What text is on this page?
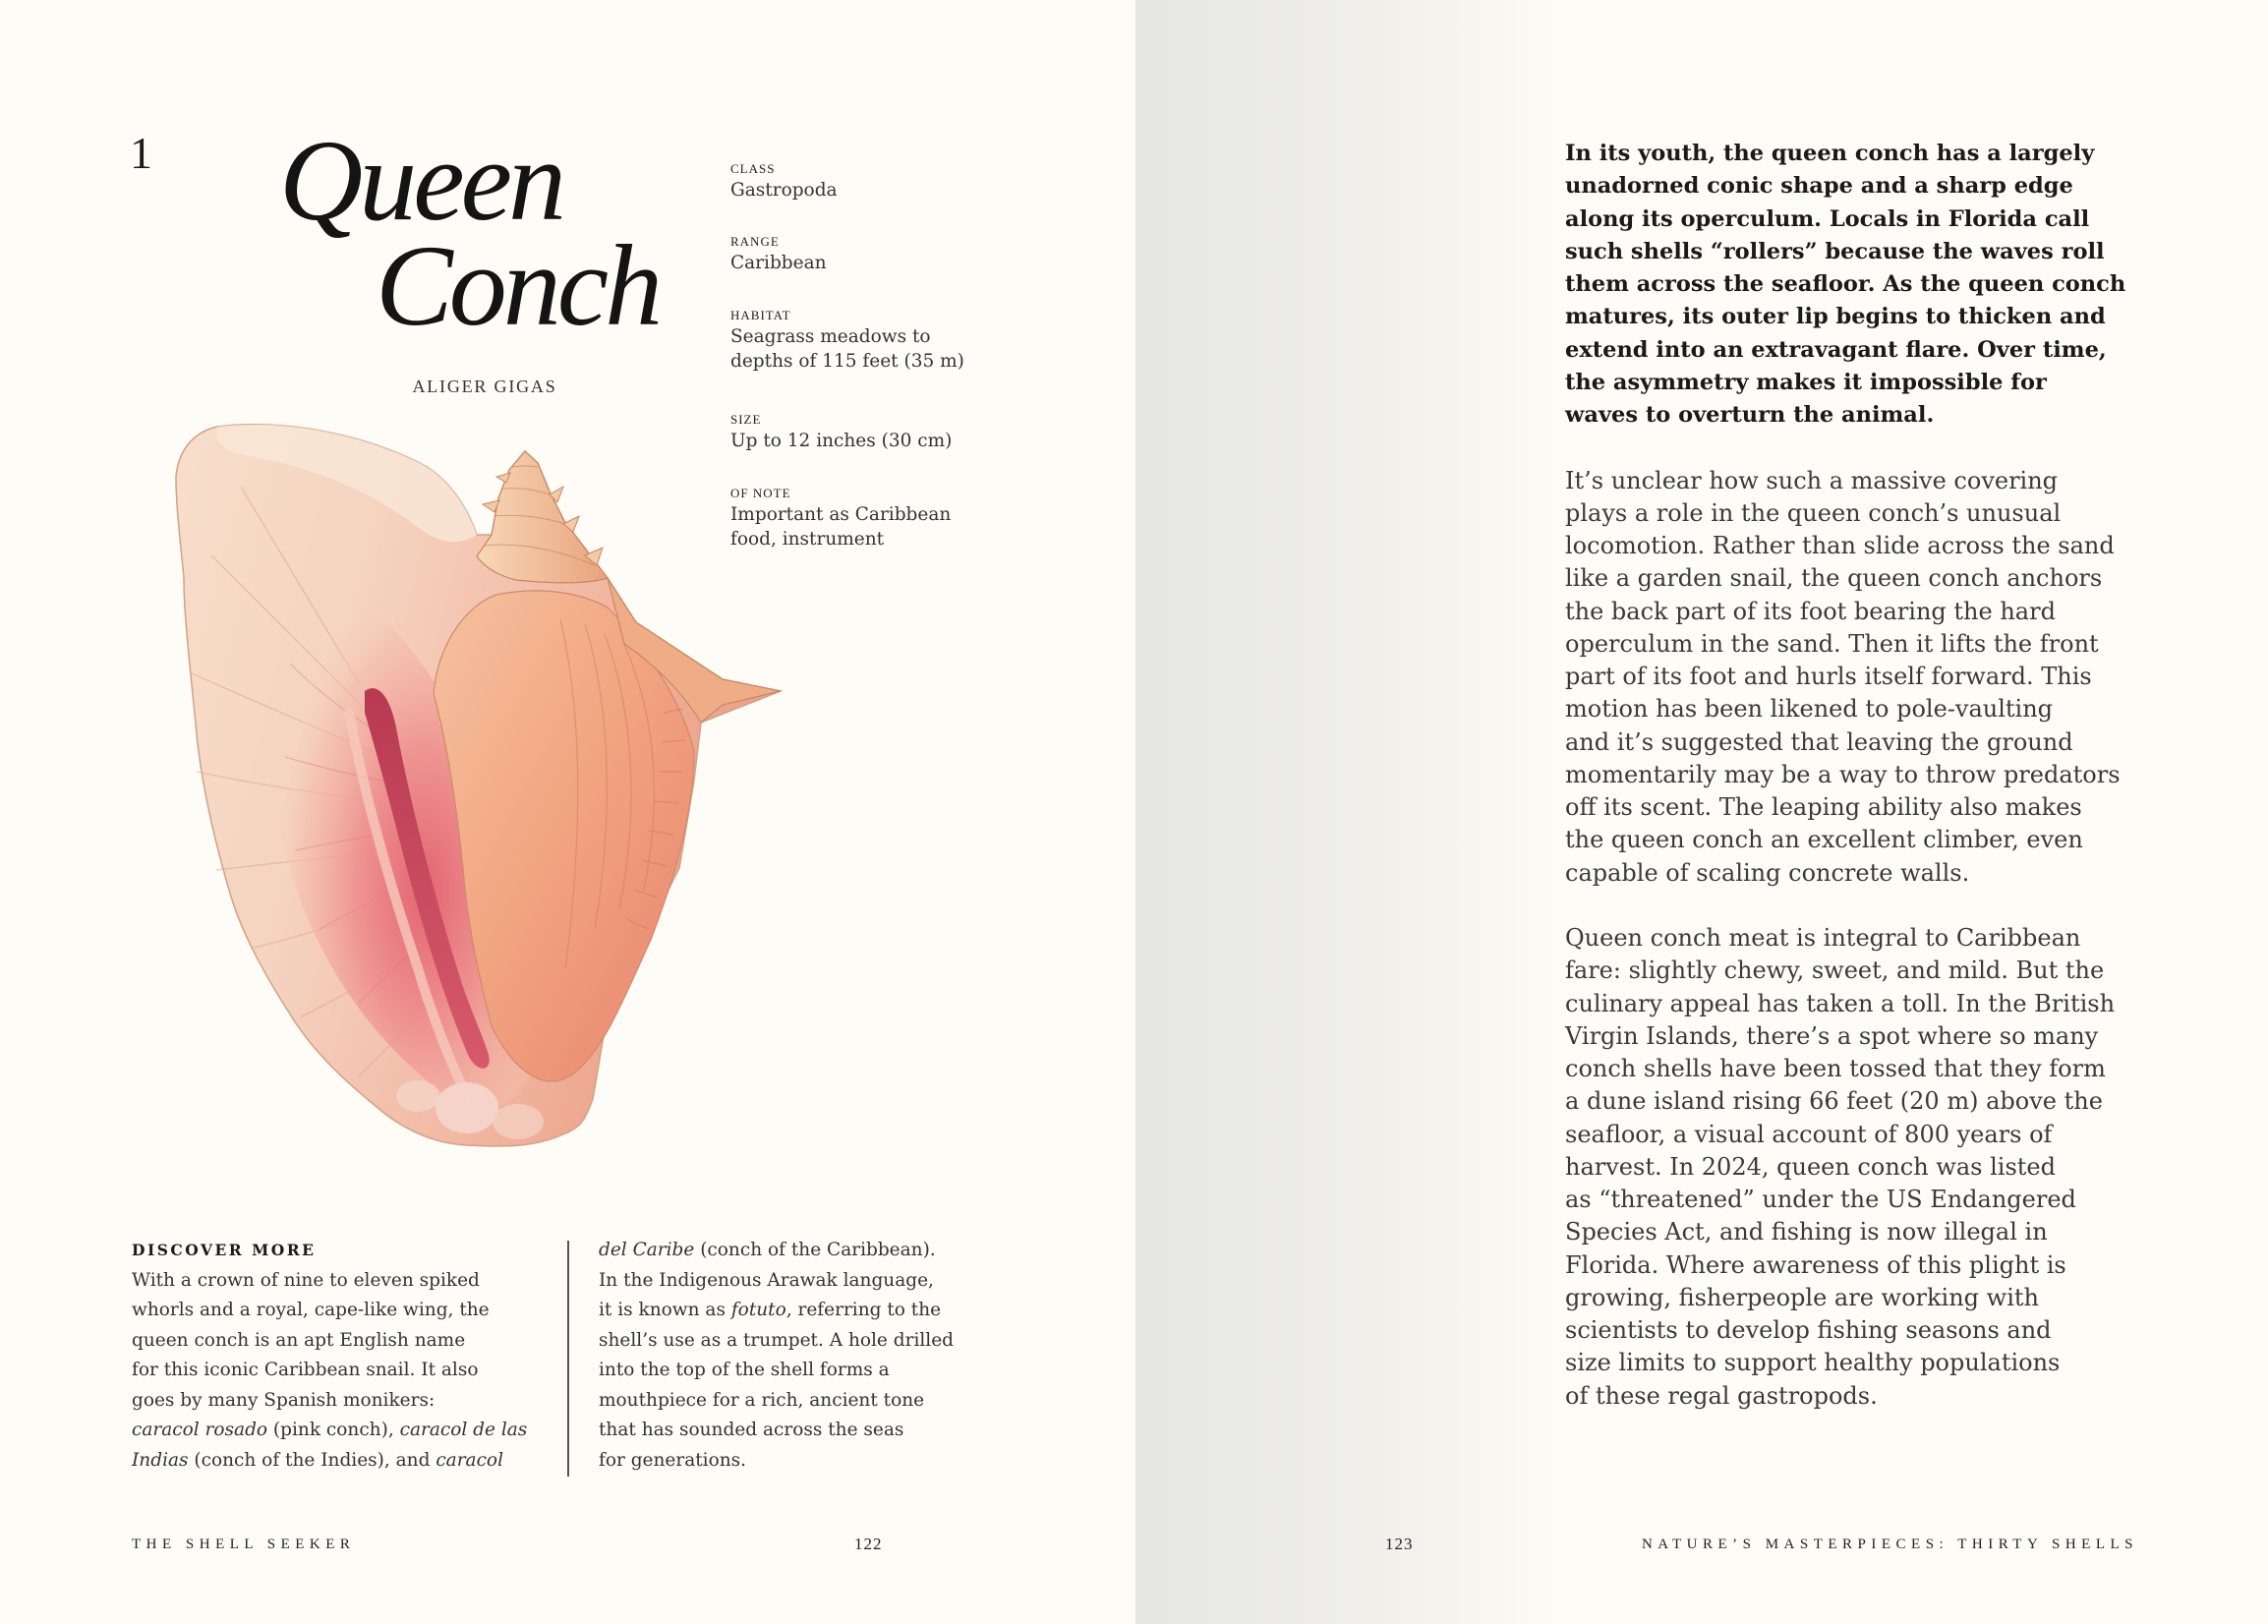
1 Queen
Conch
ALIGER GIGAS
CLASS
Gastropoda
RANGE
Caribbean
HABITAT
Seagrass meadows to
depths of 115 feet (35 m)
SIZE
Up to 12 inches (30 cm)
OF NOTE
Important as Caribbean
food, instrument
DISCOVER MORE
With a crown of nine to eleven spiked
whorls and a royal, cape-like wing, the
queen conch is an apt English name
for this iconic Caribbean snail. It also
goes by many Spanish monikers:
caracol rosado (pink conch), caracol de las
Indias (conch of the Indies), and caracol
del Caribe (conch of the Caribbean).
In the Indigenous Arawak language,
it is known as fotuto, referring to the
shell’s use as a trumpet. A hole drilled
into the top of the shell forms a
mouthpiece for a rich, ancient tone
that has sounded across the seas
for generations.
THE SHELL SEEKER	122
In its youth, the queen conch has a largely
unadorned conic shape and a sharp edge
along its operculum. Locals in Florida call
such shells “rollers” because the waves roll
them across the seafloor. As the queen conch
matures, its outer lip begins to thicken and
extend into an extravagant flare. Over time,
the asymmetry makes it impossible for
waves to overturn the animal.
It’s unclear how such a massive covering
plays a role in the queen conch’s unusual
locomotion. Rather than slide across the sand
like a garden snail, the queen conch anchors
the back part of its foot bearing the hard
operculum in the sand. Then it lifts the front
part of its foot and hurls itself forward. This
motion has been likened to pole-vaulting
and it’s suggested that leaving the ground
momentarily may be a way to throw predators
off its scent. The leaping ability also makes
the queen conch an excellent climber, even
capable of scaling concrete walls.
Queen conch meat is integral to Caribbean
fare: slightly chewy, sweet, and mild. But the
culinary appeal has taken a toll. In the British
Virgin Islands, there’s a spot where so many
conch shells have been tossed that they form
a dune island rising 66 feet (20 m) above the
seafloor, a visual account of 800 years of
harvest. In 2024, queen conch was listed
as “threatened” under the US Endangered
Species Act, and fishing is now illegal in
Florida. Where awareness of this plight is
growing, fisherpeople are working with
scientists to develop fishing seasons and
size limits to support healthy populations
of these regal gastropods.
123	NATURE’S MASTERPIECES: THIRTY SHELLS
